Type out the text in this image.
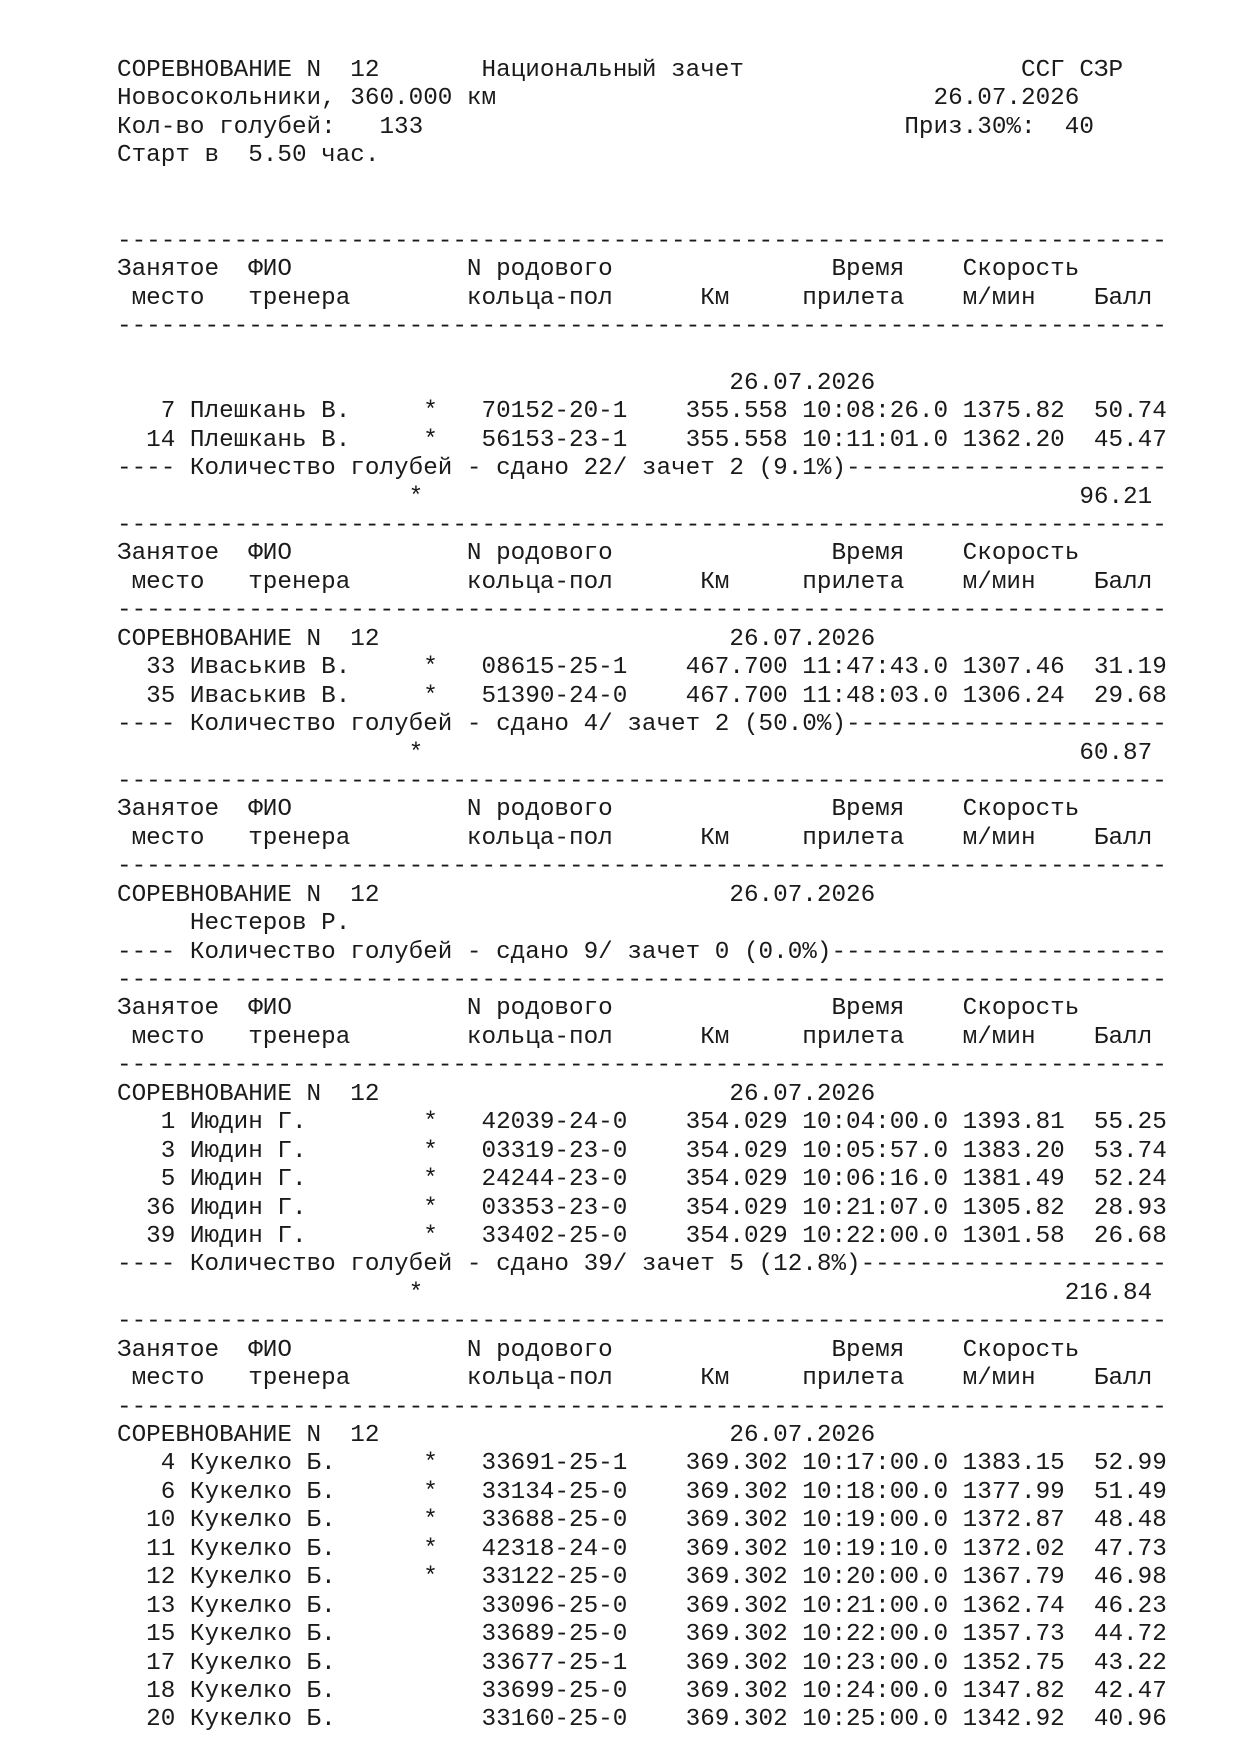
СОРЕВНОВАНИЕ N  12       Национальный зачет                   ССГ СЗР
Новосокольники, 360.000 км                              26.07.2026
Кол-во голубей:   133                                 Приз.30%:  40
Старт в  5.50 час.
------------------------------------------------------------------------
Занятое  ФИО            N родового               Время    Скорость
место   тренера        кольца-пол      Км     прилета    м/мин    Балл
------------------------------------------------------------------------
26.07.2026
7 Плешкань В.     *   70152-20-1    355.558 10:08:26.0 1375.82  50.74
14 Плешкань В.     *   56153-23-1    355.558 10:11:01.0 1362.20  45.47
---- Количество голубей - сдано 22/ зачет 2 (9.1%)----------------------
*                                             96.21
------------------------------------------------------------------------
Занятое  ФИО            N родового               Время    Скорость
место   тренера        кольца-пол      Км     прилета    м/мин    Балл
------------------------------------------------------------------------
СОРЕВНОВАНИЕ N  12                        26.07.2026
33 Иваськив В.     *   08615-25-1    467.700 11:47:43.0 1307.46  31.19
35 Иваськив В.     *   51390-24-0    467.700 11:48:03.0 1306.24  29.68
---- Количество голубей - сдано 4/ зачет 2 (50.0%)----------------------
*                                             60.87
------------------------------------------------------------------------
Занятое  ФИО            N родового               Время    Скорость
место   тренера        кольца-пол      Км     прилета    м/мин    Балл
------------------------------------------------------------------------
СОРЕВНОВАНИЕ N  12                        26.07.2026
Нестеров Р.
---- Количество голубей - сдано 9/ зачет 0 (0.0%)-----------------------
------------------------------------------------------------------------
Занятое  ФИО            N родового               Время    Скорость
место   тренера        кольца-пол      Км     прилета    м/мин    Балл
------------------------------------------------------------------------
СОРЕВНОВАНИЕ N  12                        26.07.2026
1 Июдин Г.        *   42039-24-0    354.029 10:04:00.0 1393.81  55.25
3 Июдин Г.        *   03319-23-0    354.029 10:05:57.0 1383.20  53.74
5 Июдин Г.        *   24244-23-0    354.029 10:06:16.0 1381.49  52.24
36 Июдин Г.        *   03353-23-0    354.029 10:21:07.0 1305.82  28.93
39 Июдин Г.        *   33402-25-0    354.029 10:22:00.0 1301.58  26.68
---- Количество голубей - сдано 39/ зачет 5 (12.8%)---------------------
*                                            216.84
------------------------------------------------------------------------
Занятое  ФИО            N родового               Время    Скорость
место   тренера        кольца-пол      Км     прилета    м/мин    Балл
------------------------------------------------------------------------
СОРЕВНОВАНИЕ N  12                        26.07.2026
4 Кукелко Б.      *   33691-25-1    369.302 10:17:00.0 1383.15  52.99
6 Кукелко Б.      *   33134-25-0    369.302 10:18:00.0 1377.99  51.49
10 Кукелко Б.      *   33688-25-0    369.302 10:19:00.0 1372.87  48.48
11 Кукелко Б.      *   42318-24-0    369.302 10:19:10.0 1372.02  47.73
12 Кукелко Б.      *   33122-25-0    369.302 10:20:00.0 1367.79  46.98
13 Кукелко Б.          33096-25-0    369.302 10:21:00.0 1362.74  46.23
15 Кукелко Б.          33689-25-0    369.302 10:22:00.0 1357.73  44.72
17 Кукелко Б.          33677-25-1    369.302 10:23:00.0 1352.75  43.22
18 Кукелко Б.          33699-25-0    369.302 10:24:00.0 1347.82  42.47
20 Кукелко Б.          33160-25-0    369.302 10:25:00.0 1342.92  40.96
